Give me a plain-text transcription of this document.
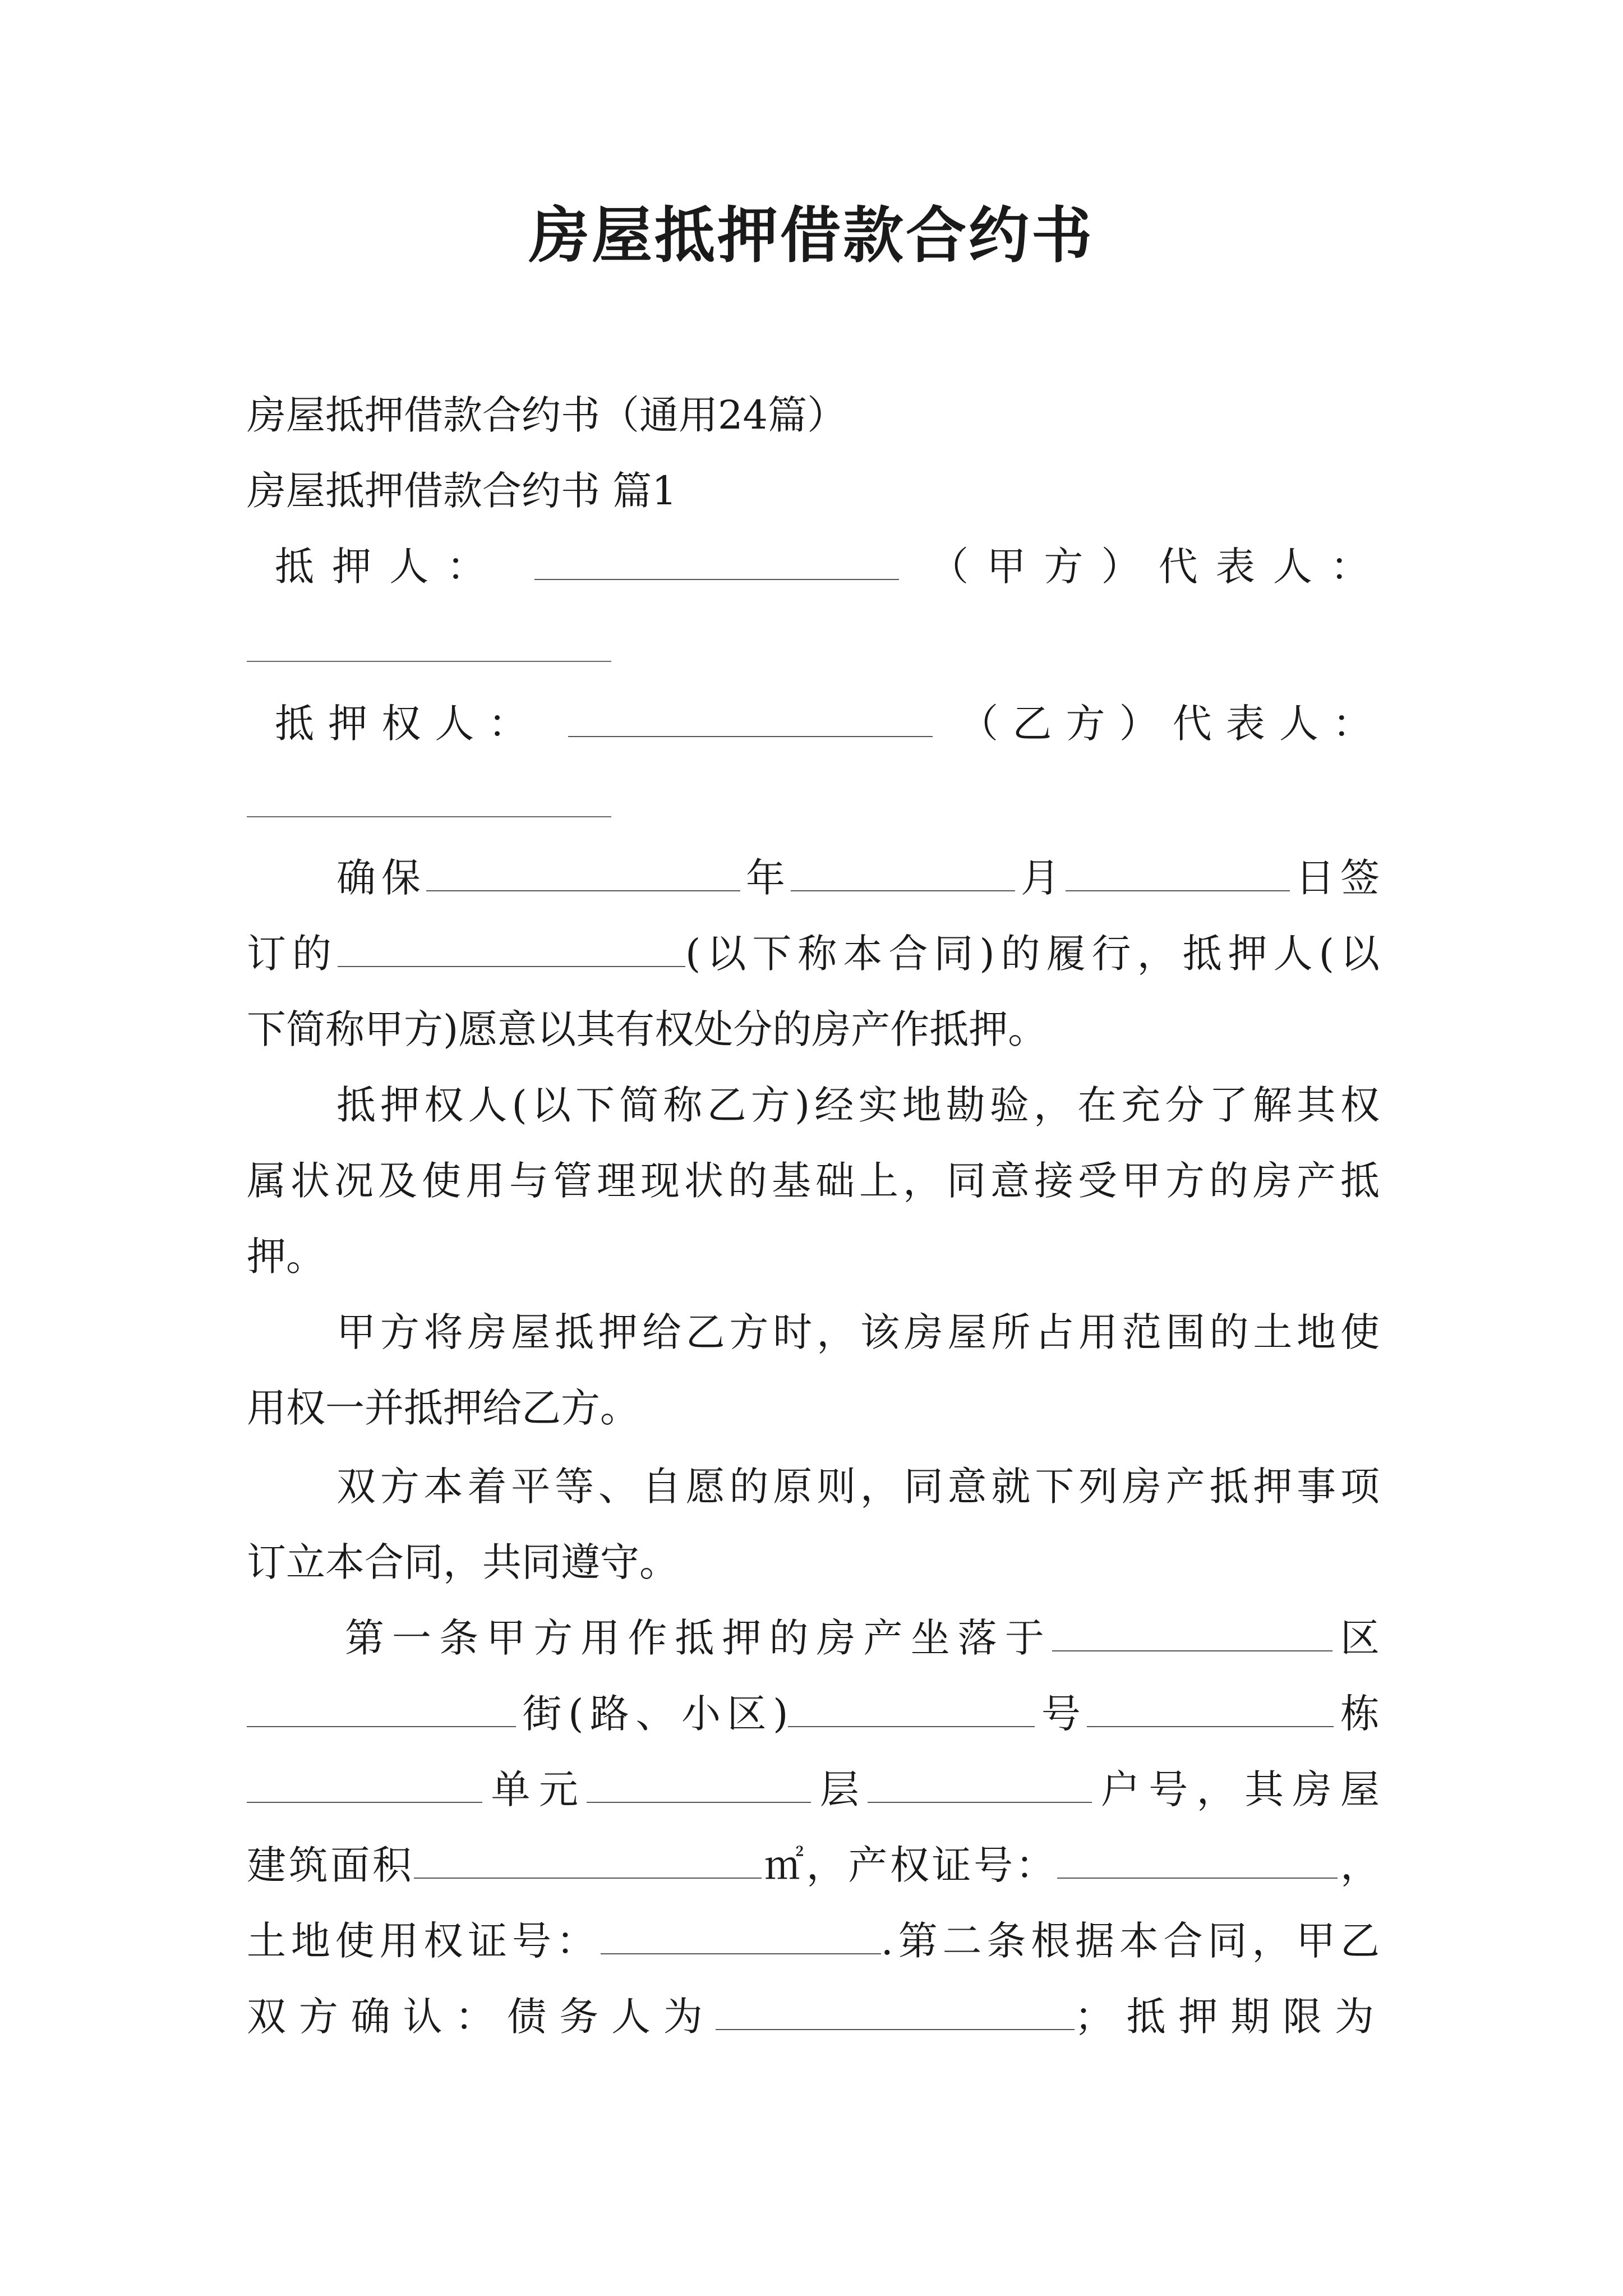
房屋抵押借款合约书
房屋抵押借款合约书（通用24篇）
房屋抵押借款合约书 篇1
抵押人：	（甲方）代表人：
抵押权人：	（乙方）代表人：
确保	年	月	日签
订的	(以下称本合同)的履行，抵押人(以
下简称甲方)愿意以其有权处分的房产作抵押。
抵押权人(以下简称乙方)经实地勘验，在充分了解其权
属状况及使用与管理现状的基础上，同意接受甲方的房产抵
押。
甲方将房屋抵押给乙方时，该房屋所占用范围的土地使
用权一并抵押给乙方。
双方本着平等、自愿的原则，同意就下列房产抵押事项
订立本合同，共同遵守。
第一条甲方用作抵押的房产坐落于	区
街(路、小区)	号	栋
单元	层	户号，其房屋
建筑面积	㎡，产权证号：	，
土地使用权证号：	.第二条根据本合同，甲乙
双方确认：债务人为	；抵押期限为
